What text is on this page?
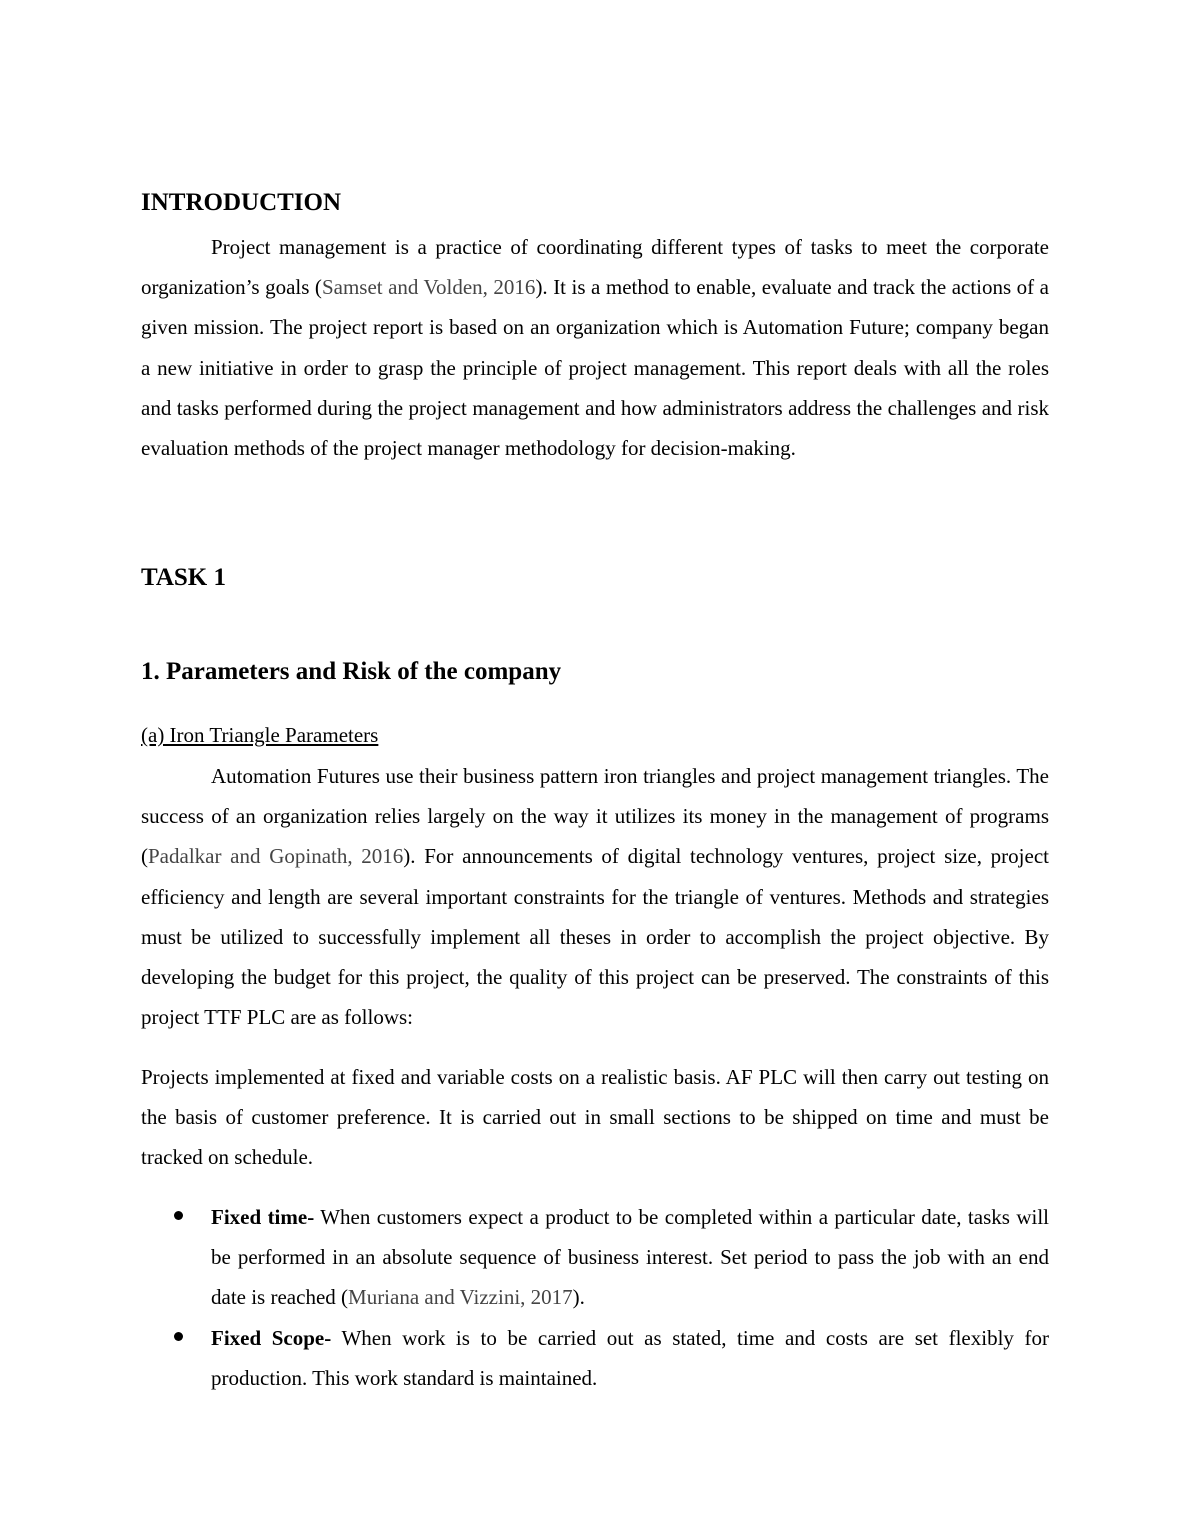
INTRODUCTION

Project management is a practice of coordinating different types of tasks to meet the corporate organization’s goals (Samset and Volden, 2016). It is a method to enable, evaluate and track the actions of a given mission. The project report is based on an organization which is Automation Future; company began a new initiative in order to grasp the principle of project management. This report deals with all the roles and tasks performed during the project management and how administrators address the challenges and risk evaluation methods of the project manager methodology for decision-making.

TASK 1
1. Parameters and Risk of the company
(a) Iron Triangle Parameters

Automation Futures use their business pattern iron triangles and project management triangles. The success of an organization relies largely on the way it utilizes its money in the management of programs (Padalkar and Gopinath, 2016). For announcements of digital technology ventures, project size, project efficiency and length are several important constraints for the triangle of ventures. Methods and strategies must be utilized to successfully implement all theses in order to accomplish the project objective. By developing the budget for this project, the quality of this project can be preserved. The constraints of this project TTF PLC are as follows:

Projects implemented at fixed and variable costs on a realistic basis. AF PLC will then carry out testing on the basis of customer preference. It is carried out in small sections to be shipped on time and must be tracked on schedule.

Fixed time- When customers expect a product to be completed within a particular date, tasks will be performed in an absolute sequence of business interest. Set period to pass the job with an end date is reached (Muriana and Vizzini, 2017).
Fixed Scope- When work is to be carried out as stated, time and costs are set flexibly for production. This work standard is maintained.
